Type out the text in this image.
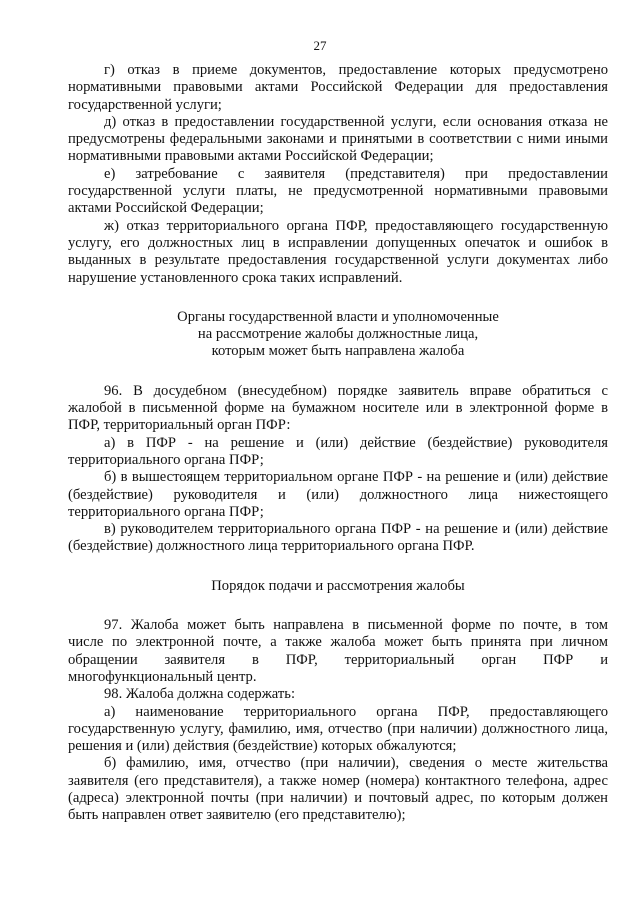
27

г) отказ в приеме документов, предоставление которых предусмотрено нормативными правовыми актами Российской Федерации для предоставления государственной услуги;

д) отказ в предоставлении государственной услуги, если основания отказа не предусмотрены федеральными законами и принятыми в соответствии с ними иными нормативными правовыми актами Российской Федерации;

е) затребование с заявителя (представителя) при предоставлении государственной услуги платы, не предусмотренной нормативными правовыми актами Российской Федерации;

ж) отказ территориального органа ПФР, предоставляющего государственную услугу, его должностных лиц в исправлении допущенных опечаток и ошибок в выданных в результате предоставления государственной услуги документах либо нарушение установленного срока таких исправлений.

Органы государственной власти и уполномоченные
на рассмотрение жалобы должностные лица,
которым может быть направлена жалоба

96. В досудебном (внесудебном) порядке заявитель вправе обратиться с жалобой в письменной форме на бумажном носителе или в электронной форме в ПФР, территориальный орган ПФР:

а) в ПФР - на решение и (или) действие (бездействие) руководителя территориального органа ПФР;

б) в вышестоящем территориальном органе ПФР - на решение и (или) действие (бездействие) руководителя и (или) должностного лица нижестоящего территориального органа ПФР;

в) руководителем территориального органа ПФР - на решение и (или) действие (бездействие) должностного лица территориального органа ПФР.

Порядок подачи и рассмотрения жалобы

97. Жалоба может быть направлена в письменной форме по почте, в том
числе по электронной почте, а также жалоба может быть принята при личном
обращении заявителя в ПФР, территориальный орган ПФР и
многофункциональный центр.

98. Жалоба должна содержать:

а) наименование территориального органа ПФР, предоставляющего государственную услугу, фамилию, имя, отчество (при наличии) должностного лица, решения и (или) действия (бездействие) которых обжалуются;

б) фамилию, имя, отчество (при наличии), сведения о месте жительства заявителя (его представителя), а также номер (номера) контактного телефона, адрес (адреса) электронной почты (при наличии) и почтовый адрес, по которым должен быть направлен ответ заявителю (его представителю);
